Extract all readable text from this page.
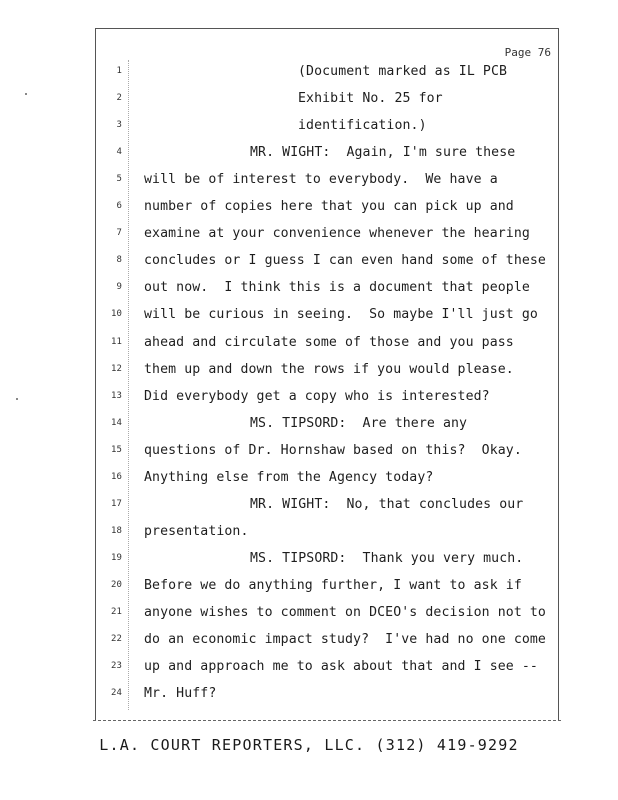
Page 76
1	(Document marked as IL PCB
2	Exhibit No. 25 for
3	identification.)
4	MR. WIGHT:  Again, I'm sure these
5 will be of interest to everybody.  We have a
6 number of copies here that you can pick up and
7 examine at your convenience whenever the hearing
8 concludes or I guess I can even hand some of these
9 out now.  I think this is a document that people
10 will be curious in seeing.  So maybe I'll just go
11 ahead and circulate some of those and you pass
12 them up and down the rows if you would please.
13 Did everybody get a copy who is interested?
14	MS. TIPSORD:  Are there any
15 questions of Dr. Hornshaw based on this?  Okay.
16 Anything else from the Agency today?
17	MR. WIGHT:  No, that concludes our
18 presentation.
19	MS. TIPSORD:  Thank you very much.
20 Before we do anything further, I want to ask if
21 anyone wishes to comment on DCEO's decision not to
22 do an economic impact study?  I've had no one come
23 up and approach me to ask about that and I see --
24 Mr. Huff?
L.A. COURT REPORTERS, LLC. (312) 419-9292
